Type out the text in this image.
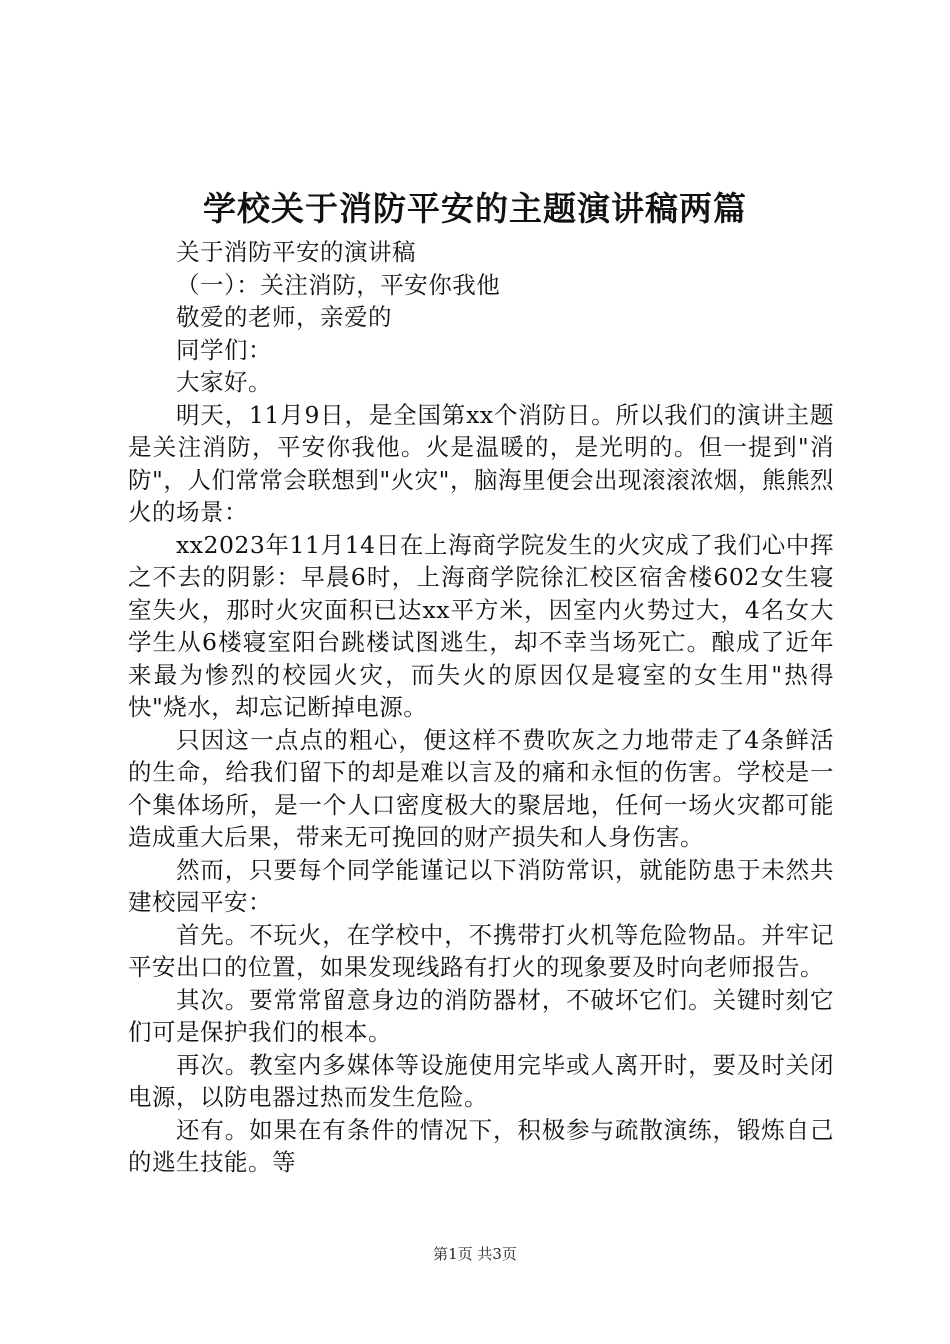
学校关于消防平安的主题演讲稿两篇

关于消防平安的演讲稿

（一）：关注消防，平安你我他

敬爱的老师，亲爱的

同学们：

大家好。

明天，11月9日，是全国第xx个消防日。所以我们的演讲主题是关注消防，平安你我他。火是温暖的，是光明的。但一提到"消防"，人们常常会联想到"火灾"，脑海里便会出现滚滚浓烟，熊熊烈火的场景：

xx2023年11月14日在上海商学院发生的火灾成了我们心中挥之不去的阴影：早晨6时，上海商学院徐汇校区宿舍楼602女生寝室失火，那时火灾面积已达xx平方米，因室内火势过大，4名女大学生从6楼寝室阳台跳楼试图逃生，却不幸当场死亡。酿成了近年来最为惨烈的校园火灾，而失火的原因仅是寝室的女生用"热得快"烧水，却忘记断掉电源。

只因这一点点的粗心，便这样不费吹灰之力地带走了4条鲜活的生命，给我们留下的却是难以言及的痛和永恒的伤害。学校是一个集体场所，是一个人口密度极大的聚居地，任何一场火灾都可能造成重大后果，带来无可挽回的财产损失和人身伤害。

然而，只要每个同学能谨记以下消防常识，就能防患于未然共建校园平安：

首先。不玩火，在学校中，不携带打火机等危险物品。并牢记平安出口的位置，如果发现线路有打火的现象要及时向老师报告。

其次。要常常留意身边的消防器材，不破坏它们。关键时刻它们可是保护我们的根本。

再次。教室内多媒体等设施使用完毕或人离开时，要及时关闭电源，以防电器过热而发生危险。

还有。如果在有条件的情况下，积极参与疏散演练，锻炼自己的逃生技能。等

第1页 共3页
